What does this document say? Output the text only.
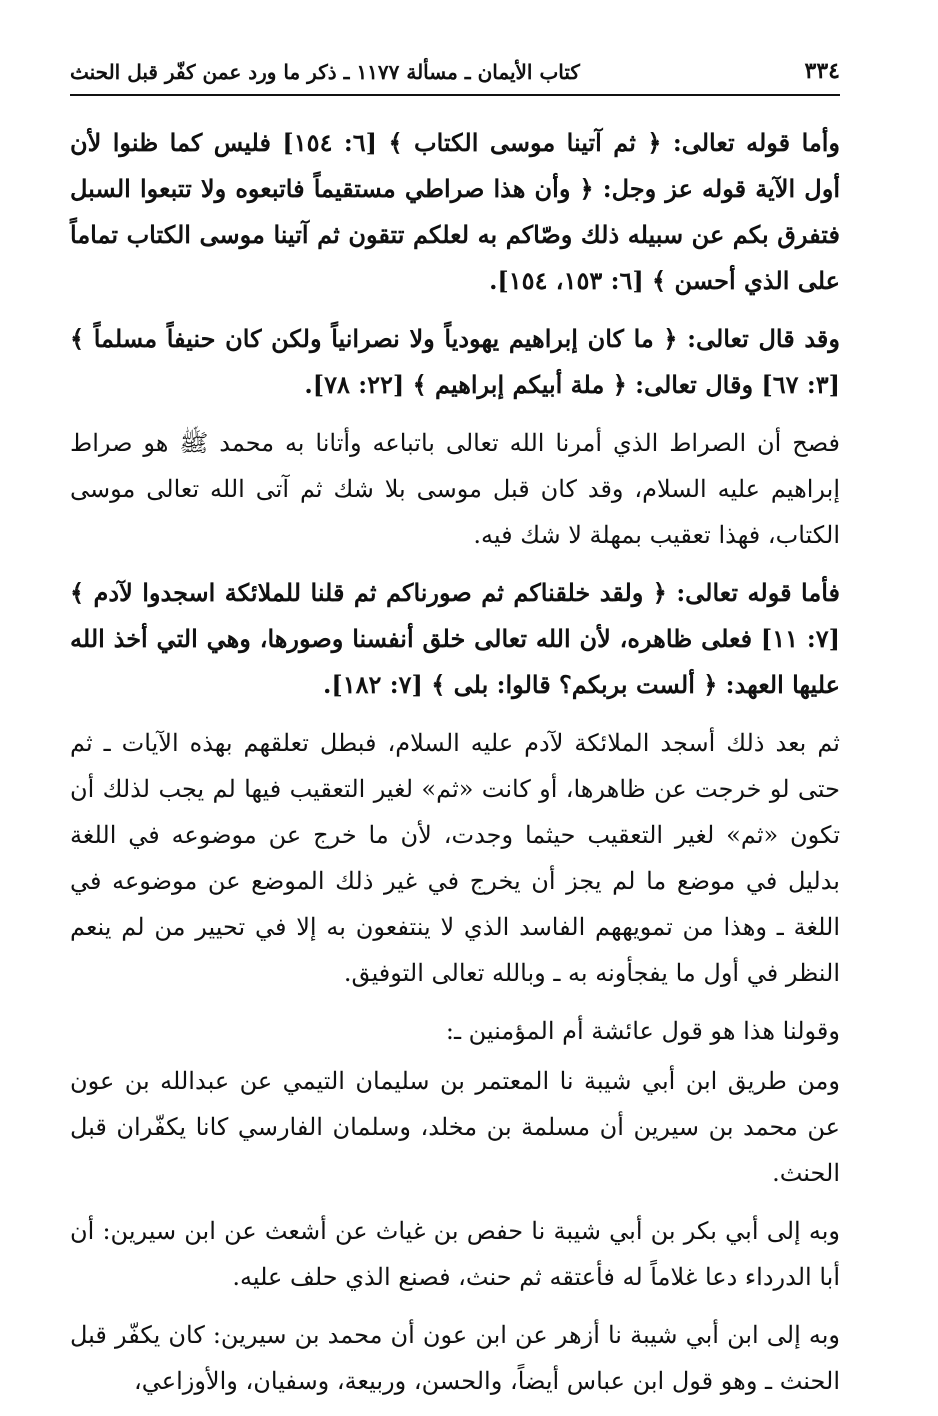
٣٣٤
كتاب الأيمان ـ مسألة ١١٧٧ ـ ذكر ما ورد عمن كفّر قبل الحنث

وأما قوله تعالى: ﴿ ثم آتينا موسى الكتاب ﴾ [٦: ١٥٤] فليس كما ظنوا لأن أول الآية قوله عز وجل: ﴿ وأن هذا صراطي مستقيماً فاتبعوه ولا تتبعوا السبل فتفرق بكم عن سبيله ذلك وصّاكم به لعلكم تتقون ثم آتينا موسى الكتاب تماماً على الذي أحسن ﴾ [٦: ١٥٣، ١٥٤].

وقد قال تعالى: ﴿ ما كان إبراهيم يهودياً ولا نصرانياً ولكن كان حنيفاً مسلماً ﴾ [٣: ٦٧] وقال تعالى: ﴿ ملة أبيكم إبراهيم ﴾ [٢٢: ٧٨].

فصح أن الصراط الذي أمرنا الله تعالى باتباعه وأتانا به محمد ﷺ هو صراط إبراهيم عليه السلام، وقد كان قبل موسى بلا شك ثم آتى الله تعالى موسى الكتاب، فهذا تعقيب بمهلة لا شك فيه.

فأما قوله تعالى: ﴿ ولقد خلقناكم ثم صورناكم ثم قلنا للملائكة اسجدوا لآدم ﴾ [٧: ١١] فعلى ظاهره، لأن الله تعالى خلق أنفسنا وصورها، وهي التي أخذ الله عليها العهد: ﴿ ألست بربكم؟ قالوا: بلى ﴾ [٧: ١٨٢].

ثم بعد ذلك أسجد الملائكة لآدم عليه السلام، فبطل تعلقهم بهذه الآيات ـ ثم حتى لو خرجت عن ظاهرها، أو كانت «ثم» لغير التعقيب فيها لم يجب لذلك أن تكون «ثم» لغير التعقيب حيثما وجدت، لأن ما خرج عن موضوعه في اللغة بدليل في موضع ما لم يجز أن يخرج في غير ذلك الموضع عن موضوعه في اللغة ـ وهذا من تمويههم الفاسد الذي لا ينتفعون به إلا في تحيير من لم ينعم النظر في أول ما يفجأونه به ـ وبالله تعالى التوفيق.

وقولنا هذا هو قول عائشة أم المؤمنين ـ:

ومن طريق ابن أبي شيبة نا المعتمر بن سليمان التيمي عن عبدالله بن عون عن محمد بن سيرين أن مسلمة بن مخلد، وسلمان الفارسي كانا يكفّران قبل الحنث.

وبه إلى أبي بكر بن أبي شيبة نا حفص بن غياث عن أشعث عن ابن سيرين: أن أبا الدرداء دعا غلاماً له فأعتقه ثم حنث، فصنع الذي حلف عليه.

وبه إلى ابن أبي شيبة نا أزهر عن ابن عون أن محمد بن سيرين: كان يكفّر قبل الحنث ـ وهو قول ابن عباس أيضاً، والحسن، وربيعة، وسفيان، والأوزاعي،
